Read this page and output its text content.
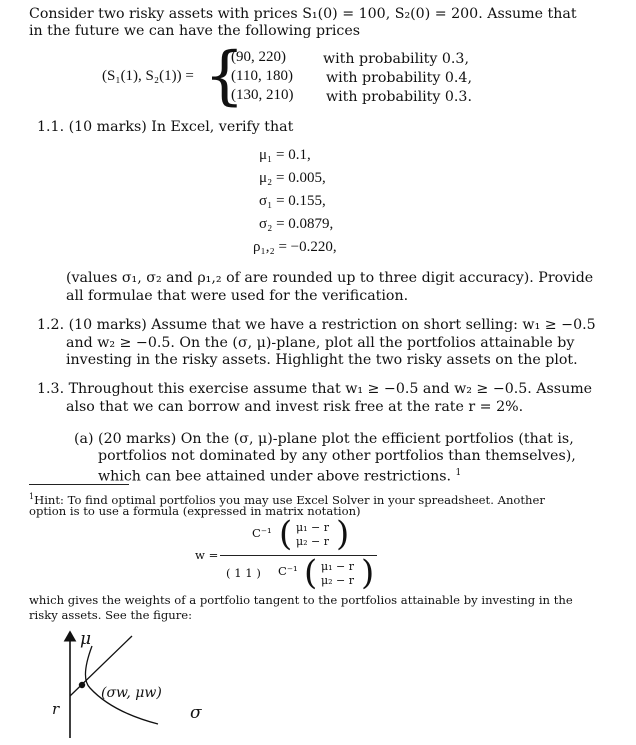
Consider two risky assets with prices S₁(0) = 100, S₂(0) = 200. Assume that
in the future we can have the following prices
(S₁(1), S₂(1)) = {
(90, 220)
(110, 180)
(130, 210)
with probability 0.3,
with probability 0.4,
with probability 0.3.
1.1. (10 marks) In Excel, verify that
μ₁ = 0.1,
μ₂ = 0.005,
σ₁ = 0.155,
σ₂ = 0.0879,
ρ₁,₂ = −0.220,
(values σ₁, σ₂ and ρ₁,₂ of are rounded up to three digit accuracy). Provide
all formulae that were used for the verification.
1.2. (10 marks) Assume that we have a restriction on short selling: w₁ ≥ −0.5
and w₂ ≥ −0.5. On the (σ, μ)-plane, plot all the portfolios attainable by
investing in the risky assets. Highlight the two risky assets on the plot.
1.3. Throughout this exercise assume that w₁ ≥ −0.5 and w₂ ≥ −0.5. Assume
also that we can borrow and invest risk free at the rate r = 2%.
(a) (20 marks) On the (σ, μ)-plane plot the efficient portfolios (that is,
portfolios not dominated by any other portfolios than themselves),
which can bee attained under above restrictions. $^1$
$^1$Hint: To find optimal portfolios you may use Excel Solver in your spreadsheet. Another
option is to use a formula (expressed in matrix notation)
w =
C⁻¹ ( μ₁ − r
μ₂ − r )
( 1 1 ) C⁻¹ ( μ₁ − r
μ₂ − r )
which gives the weights of a portfolio tangent to the portfolios attainable by investing in the
risky assets. See the figure:
μ
σ
r
(σw, μw)
